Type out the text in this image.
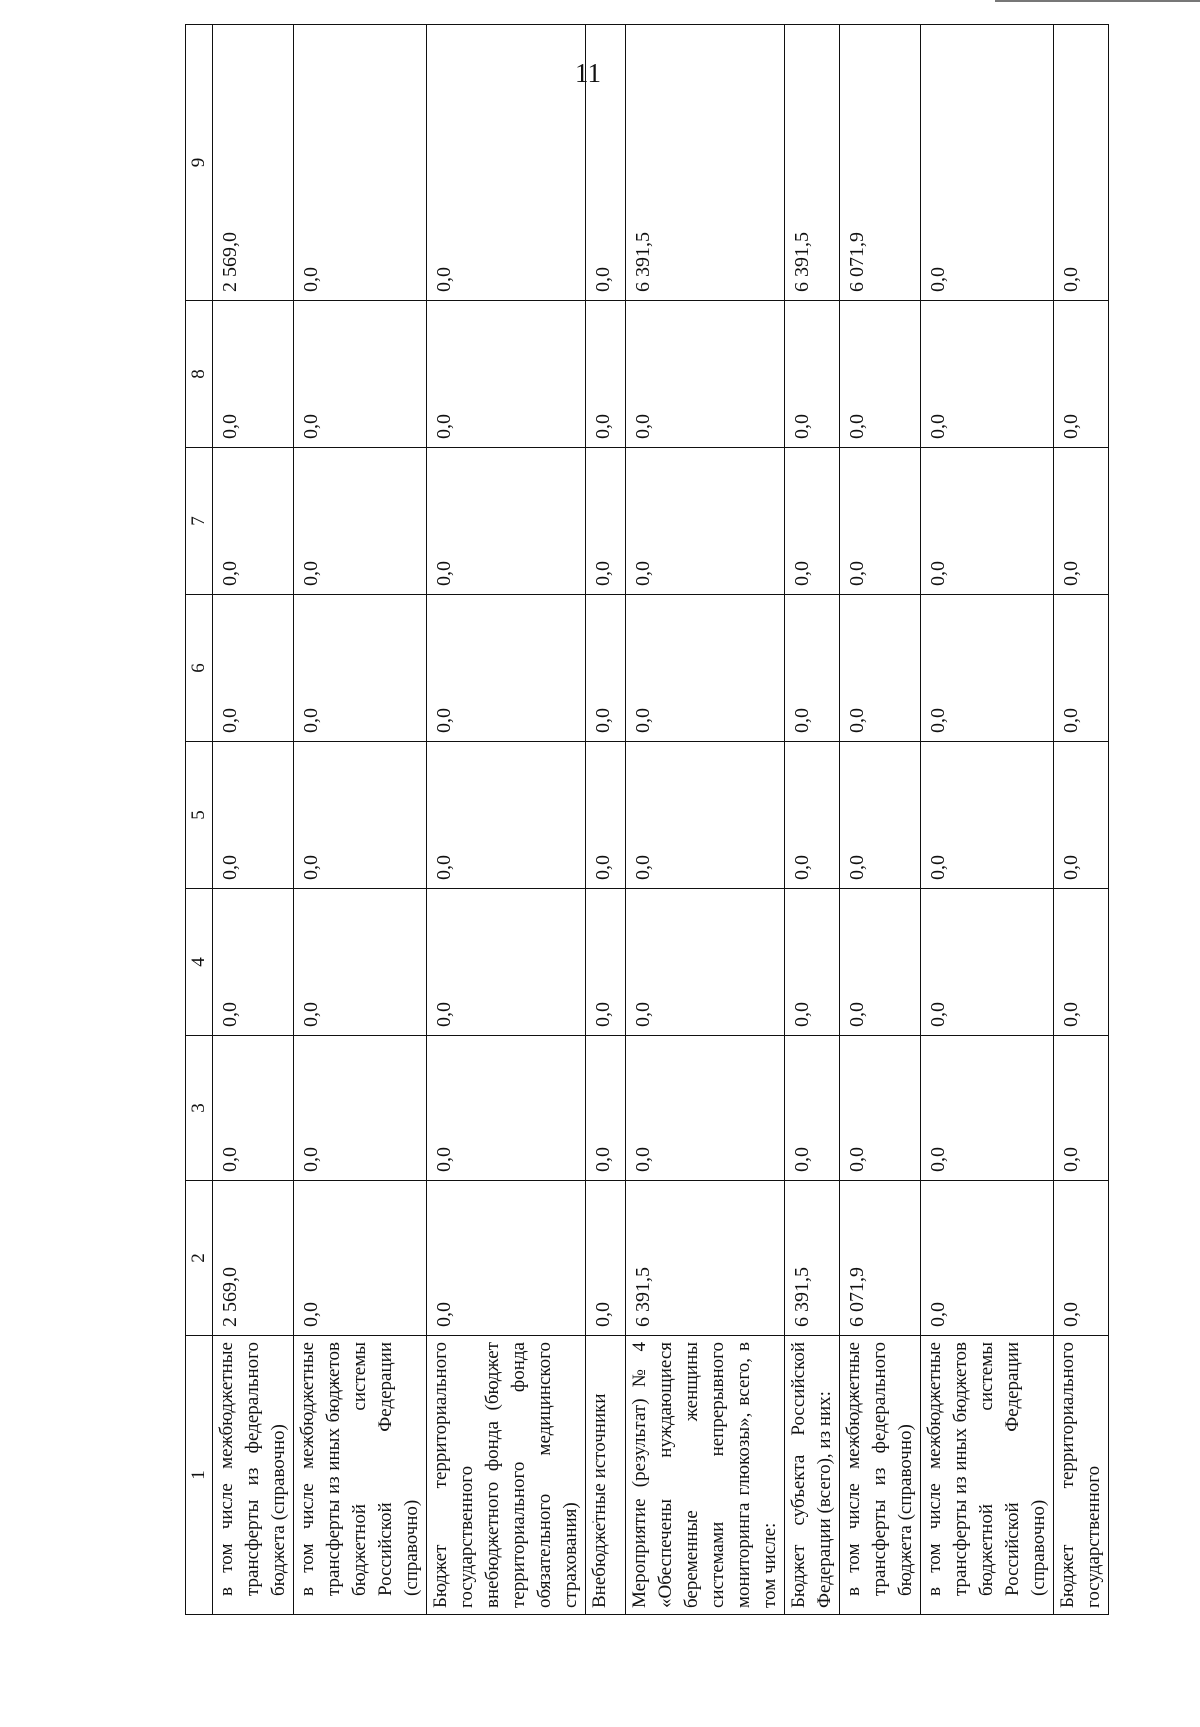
11
1	2	3	4	5	6	7	8	9
в том числе межбюджетные трансферты из федерального бюджета (справочно)	2 569,0	0,0	0,0	0,0	0,0	0,0	0,0	2 569,0
в том числе межбюджетные трансферты из иных бюджетов бюджетной системы Российской Федерации (справочно)	0,0	0,0	0,0	0,0	0,0	0,0	0,0	0,0
Бюджет территориального государственного внебюджетного фонда (бюджет территориального фонда обязательного медицинского страхования)	0,0	0,0	0,0	0,0	0,0	0,0	0,0	0,0
Внебюджетные источники	0,0	0,0	0,0	0,0	0,0	0,0	0,0	0,0
Мероприятие (результат) № 4 «Обеспечены нуждающиеся беременные женщины системами непрерывного мониторинга глюкозы», всего, в том числе:	6 391,5	0,0	0,0	0,0	0,0	0,0	0,0	6 391,5
Бюджет субъекта Российской Федерации (всего), из них:	6 391,5	0,0	0,0	0,0	0,0	0,0	0,0	6 391,5
в том числе межбюджетные трансферты из федерального бюджета (справочно)	6 071,9	0,0	0,0	0,0	0,0	0,0	0,0	6 071,9
в том числе межбюджетные трансферты из иных бюджетов бюджетной системы Российской Федерации (справочно)	0,0	0,0	0,0	0,0	0,0	0,0	0,0	0,0
Бюджет территориального государственного	0,0	0,0	0,0	0,0	0,0	0,0	0,0	0,0
